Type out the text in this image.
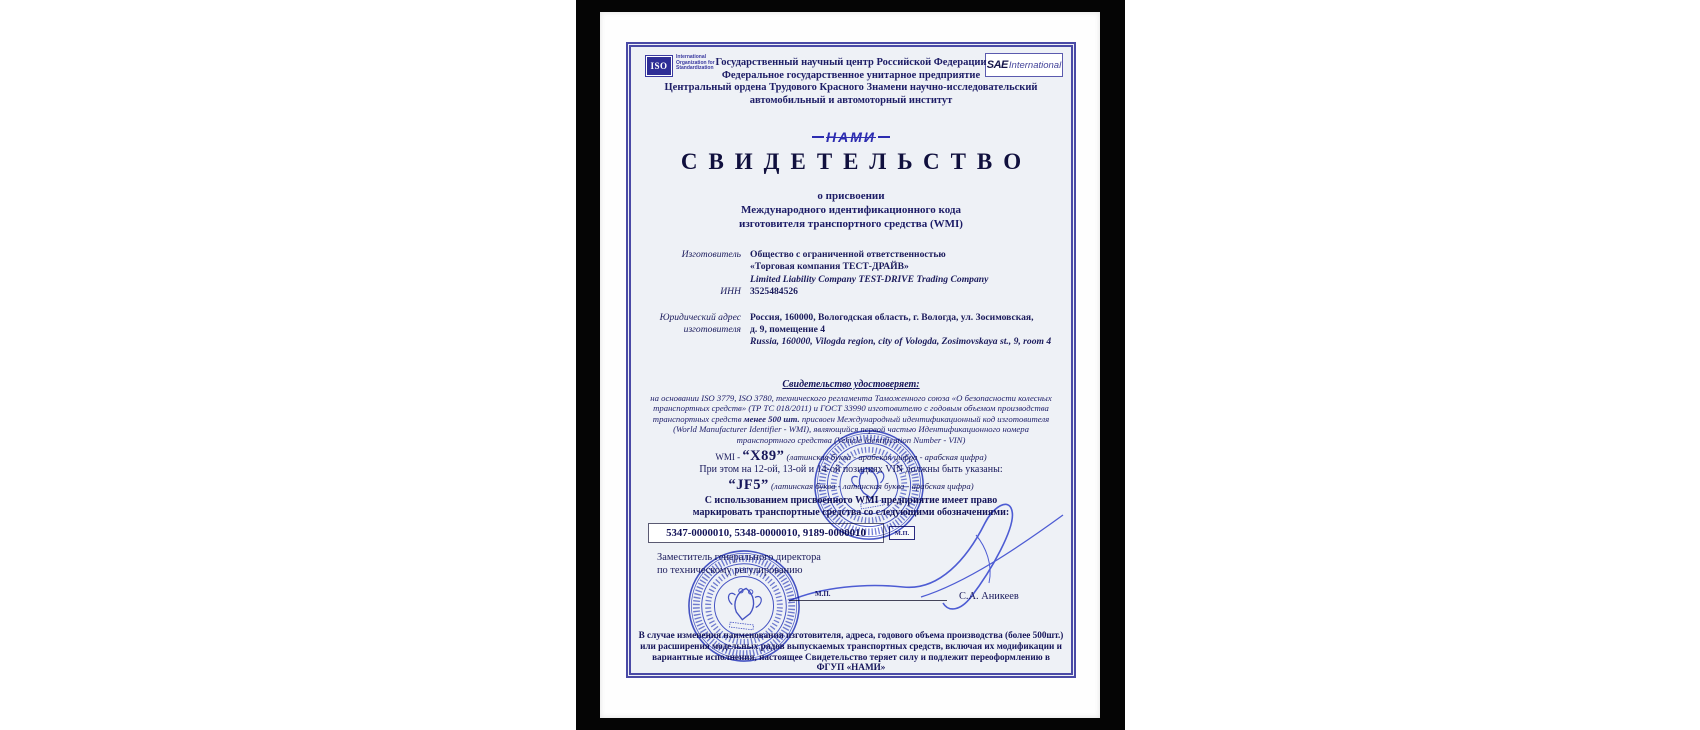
ISO
International Organization for Standardization	SAE International
Государственный научный центр Российской Федерации
Федеральное государственное унитарное предприятие
Центральный ордена Трудового Красного Знамени научно-исследовательский
автомобильный и автомоторный институт
НАМИ
СВИДЕТЕЛЬСТВО
о присвоении
Международного идентификационного кода
изготовителя транспортного средства (WMI)
Изготовитель Общество с ограниченной ответственностью
«Торговая компания ТЕСТ-ДРАЙВ»
Limited Liability Company TEST-DRIVE Trading Company
ИНН 3525484526
Юридический адрес Россия, 160000, Вологодская область, г. Вологда, ул. Зосимовская,
изготовителя д. 9, помещение 4
Russia, 160000, Vilogda region, city of Vologda, Zosimovskaya st., 9, room 4
Свидетельство удостоверяет:
на основании ISO 3779, ISO 3780, технического регламента Таможенного союза «О безопасности колесных
транспортных средств» (ТР ТС 018/2011) и ГОСТ 33990 изготовителю с годовым объемом производства
транспортных средств менее 500 шт. присвоен Международный идентификационный код изготовителя
(World Manufacturer Identifier - WMI), являющийся первой частью Идентификационного номера
транспортного средства (Vehicle Identification Number - VIN)
WMI - “X89” (латинская буква - арабская цифра - арабская цифра)
При этом на 12-ой, 13-ой и 14-ой позициях VIN должны быть указаны:
“JF5” (латинская буква - латинская буква - арабская цифра)
С использованием присвоенного WMI предприятие имеет право
маркировать транспортные средства со следующими обозначениями:
5347-0000010, 5348-0000010, 9189-0000010	М.П.
Заместитель генерального директора
по техническому регулированию
М.П.	С.А. Аникеев
В случае изменения наименования изготовителя, адреса, годового объема производства (более 500шт.)
или расширения модельных рядов выпускаемых транспортных средств, включая их модификации и
вариантные исполнения, настоящее Свидетельство теряет силу и подлежит переоформлению в
ФГУП «НАМИ»
